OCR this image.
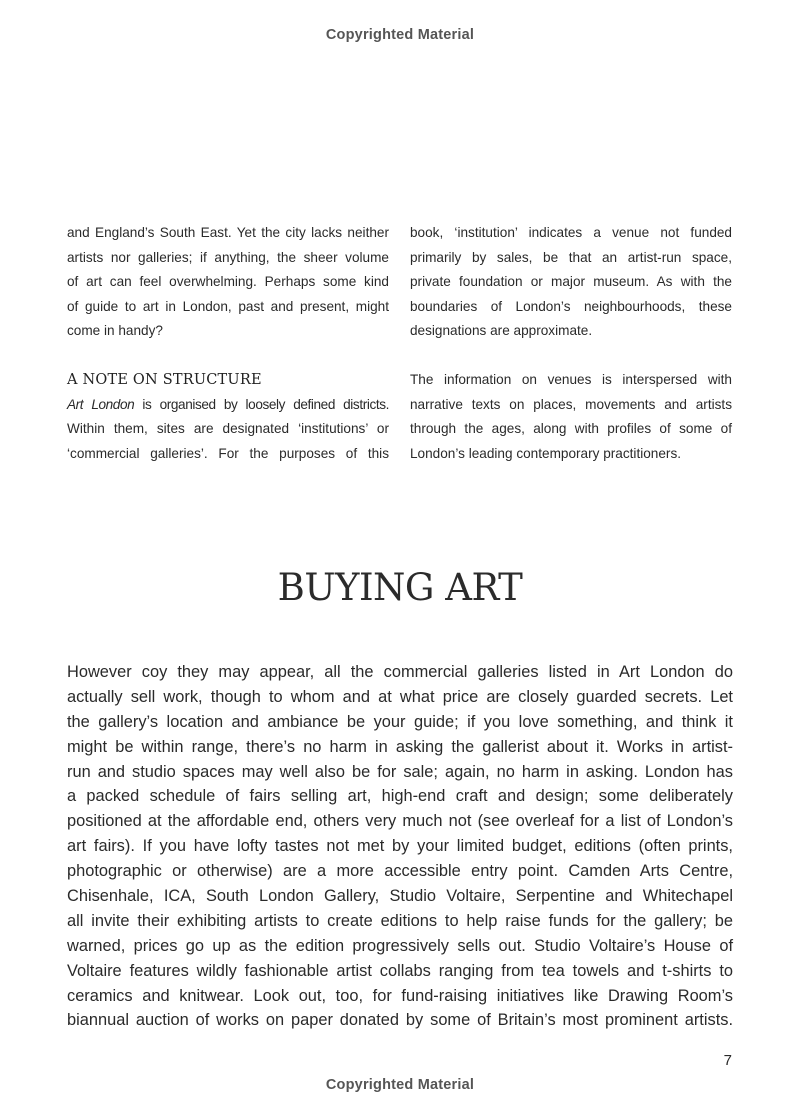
Copyrighted Material
and England’s South East. Yet the city lacks neither
artists nor galleries; if anything, the sheer volume
of art can feel overwhelming. Perhaps some kind
of guide to art in London, past and present, might
come in handy?
A NOTE ON STRUCTURE
Art London is organised by loosely defined districts.
Within them, sites are designated ‘institutions’ or
‘commercial galleries’. For the purposes of this
book, ‘institution’ indicates a venue not funded
primarily by sales, be that an artist-run space,
private foundation or major museum. As with the
boundaries of London’s neighbourhoods, these
designations are approximate.
The information on venues is interspersed with
narrative texts on places, movements and artists
through the ages, along with profiles of some of
London’s leading contemporary practitioners.
BUYING ART
However coy they may appear, all the commercial galleries listed in Art London do
actually sell work, though to whom and at what price are closely guarded secrets. Let
the gallery’s location and ambiance be your guide; if you love something, and think it
might be within range, there’s no harm in asking the gallerist about it. Works in artist-
run and studio spaces may well also be for sale; again, no harm in asking. London has
a packed schedule of fairs selling art, high-end craft and design; some deliberately
positioned at the affordable end, others very much not (see overleaf for a list of London’s
art fairs). If you have lofty tastes not met by your limited budget, editions (often prints,
photographic or otherwise) are a more accessible entry point. Camden Arts Centre,
Chisenhale, ICA, South London Gallery, Studio Voltaire, Serpentine and Whitechapel
all invite their exhibiting artists to create editions to help raise funds for the gallery; be
warned, prices go up as the edition progressively sells out. Studio Voltaire’s House of
Voltaire features wildly fashionable artist collabs ranging from tea towels and t-shirts to
ceramics and knitwear. Look out, too, for fund-raising initiatives like Drawing Room’s
biannual auction of works on paper donated by some of Britain’s most prominent artists.
7
Copyrighted Material
